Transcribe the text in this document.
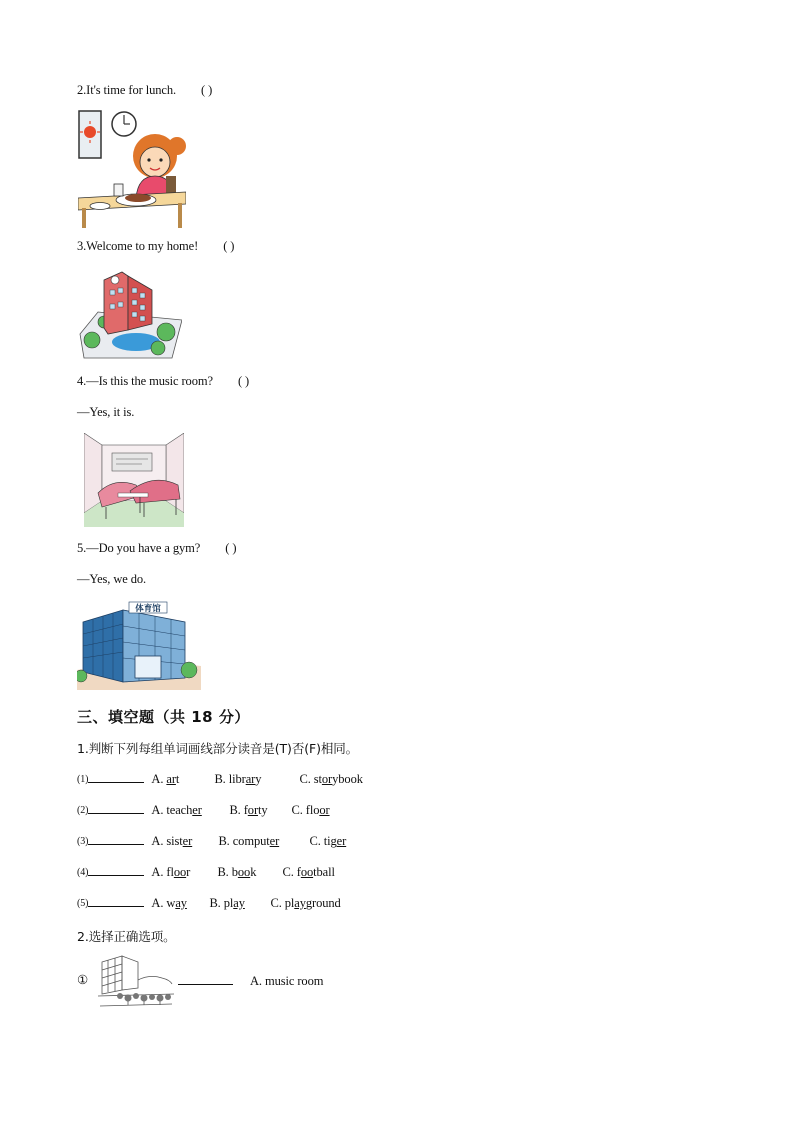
2.It's time for lunch. ( )
3.Welcome to my home! ( )
4.—Is this the music room? ( )
—Yes, it is.
5.—Do you have a gym? ( )
—Yes, we do.
体育馆
三、填空题（共 18 分）
1.判断下列每组单词画线部分读音是(T)否(F)相同。
(1)	A. art	B. library	C. storybook
(2)	A. teacher B. forty C. floor
(3)	A. sister B. computer C. tiger
(4)	A. floor B. book C. football
(5)	A. way B. play C. playground
2.选择正确选项。
①	A. music room
